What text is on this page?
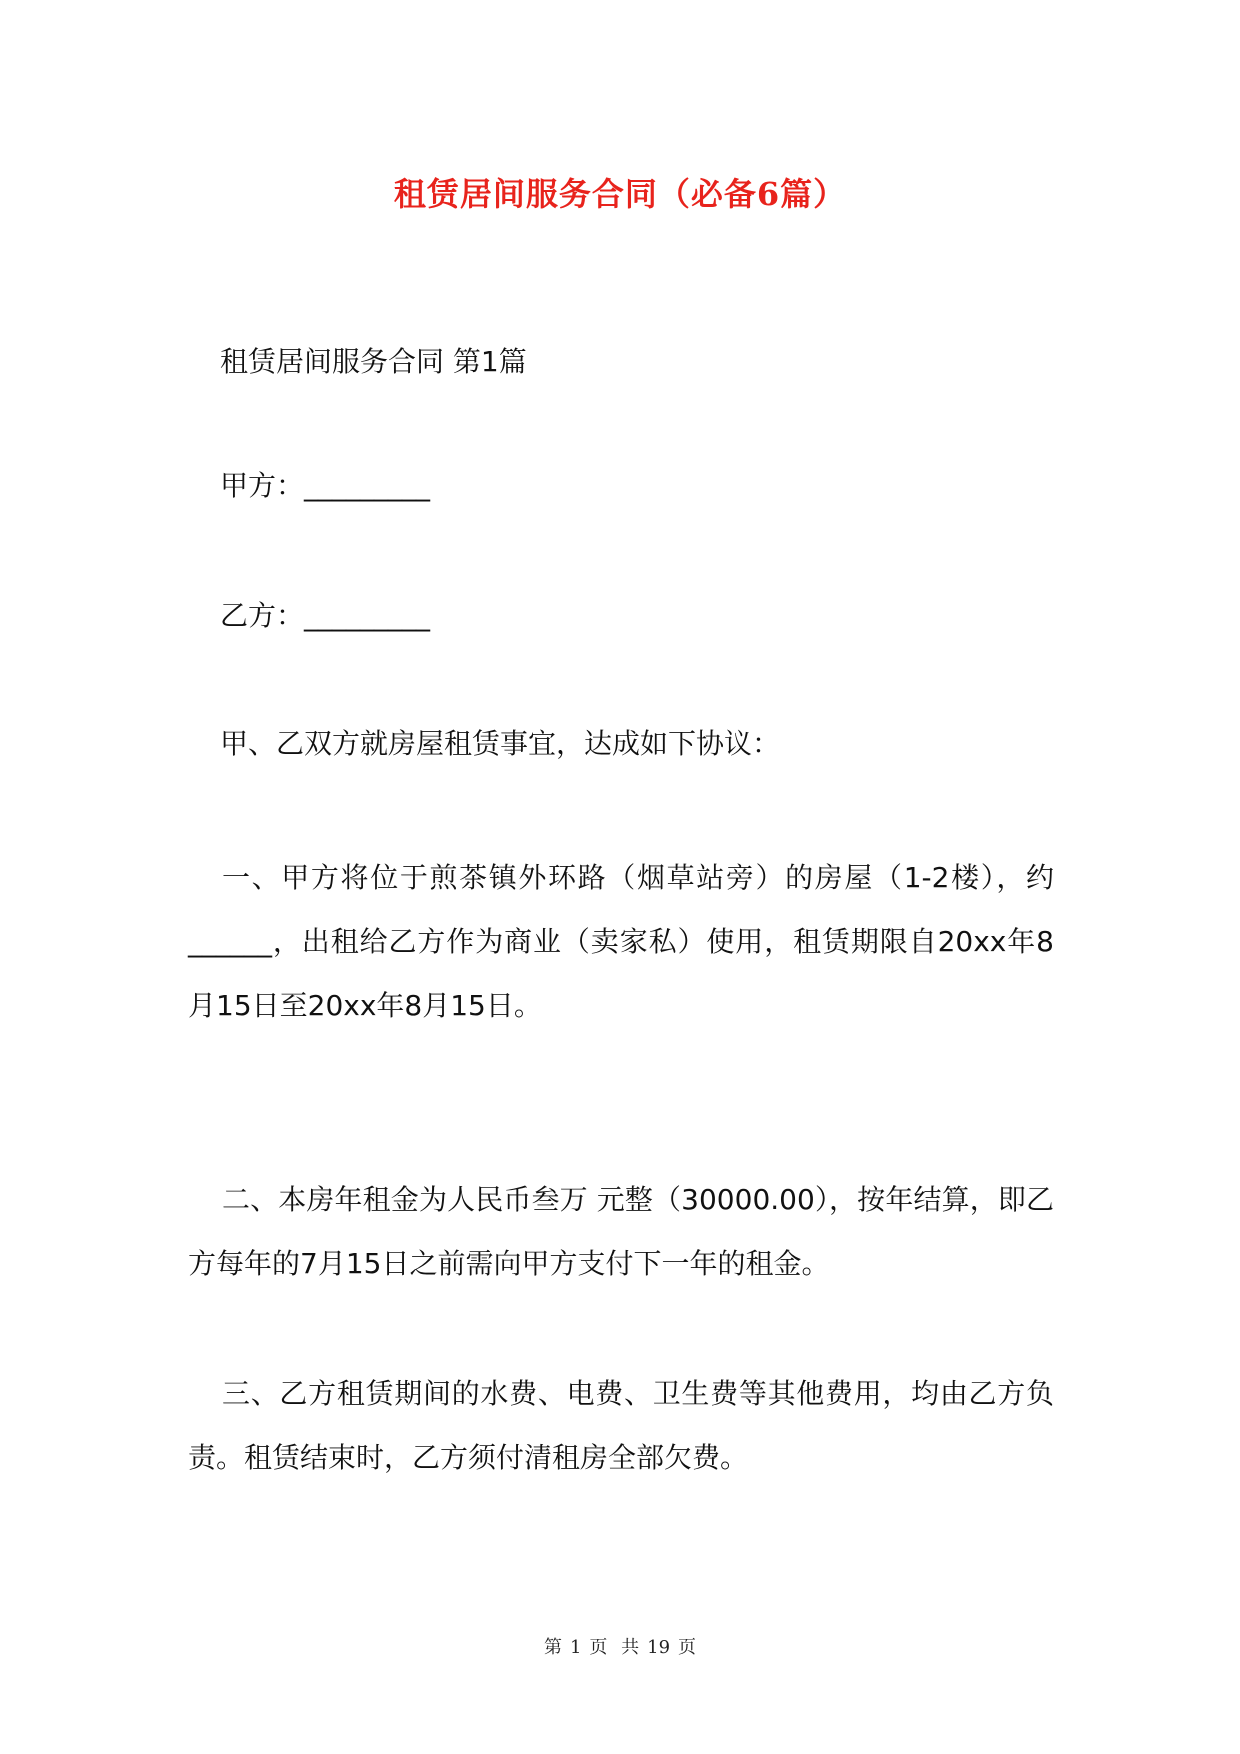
租赁居间服务合同（必备6篇）
租赁居间服务合同 第1篇
甲方：_________
乙方：_________
甲、乙双方就房屋租赁事宜，达成如下协议：
一、甲方将位于煎茶镇外环路（烟草站旁）的房屋（1-2楼），约______￼，出租给乙方作为商业（卖家私）使用，租赁期限自20xx年8月15日至20xx年8月15日。
二、本房年租金为人民币叁万 元整（30000.00），按年结算，即乙方每年的7月15日之前需向甲方支付下一年的租金。
三、乙方租赁期间的水费、电费、卫生费等其他费用，均由乙方负责。租赁结束时，乙方须付清租房全部欠费。
第 1 页 共 19 页
